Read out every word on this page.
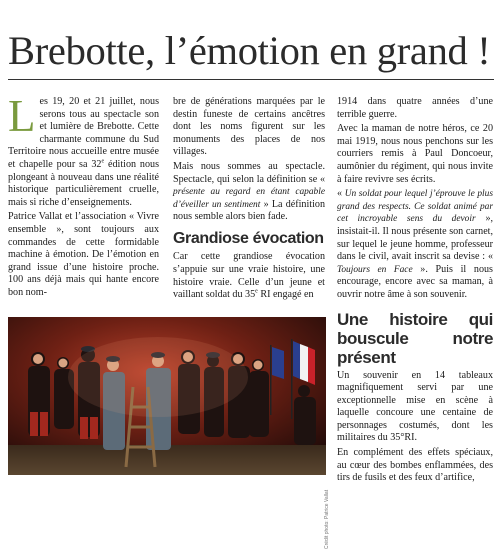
Brebotte, l’émotion en grand !

Les 19, 20 et 21 juillet, nous serons tous au spectacle son et lumière de Brebotte. Cette charmante commune du Sud Territoire nous accueille entre musée et chapelle pour sa 32e édition nous plongeant à nouveau dans une réalité historique particulièrement cruelle, mais si riche d’enseignements.

Patrice Vallat et l’association « Vivre ensemble », sont toujours aux commandes de cette formidable machine à émotion. De l’émotion en grand issue d’une histoire proche. 100 ans déjà mais qui hante encore bon nom-

bre de générations marquées par le destin funeste de certains ancêtres dont les noms figurent sur les monuments des places de nos villages.

Mais nous sommes au spectacle. Spectacle, qui selon la définition se « présente au regard en étant capable d’éveiller un sentiment » La définition nous semble alors bien fade.

Grandiose évocation

Car cette grandiose évocation s’appuie sur une vraie histoire, une histoire vraie. Celle d’un jeune et vaillant soldat du 35e RI engagé en

1914 dans quatre années d’une terrible guerre.

Avec la maman de notre héros, ce 20 mai 1919, nous nous penchons sur les courriers remis à Paul Doncoeur, aumônier du régiment, qui nous invite à faire revivre ses écrits.

« Un soldat pour lequel j’éprouve le plus grand des respects. Ce soldat animé par cet incroyable sens du devoir », insistait-il. Il nous présente son carnet, sur lequel le jeune homme, professeur dans le civil, avait inscrit sa devise : « Toujours en Face ». Puis il nous encourage, encore avec sa maman, à ouvrir notre âme à son souvenir.

Une histoire qui bouscule notre présent

Un souvenir en 14 tableaux magnifiquement servi par une exceptionnelle mise en scène à laquelle concoure une centaine de personnages costumés, dont les militaires du 35°RI.

En complément des effets spéciaux, au cœur des bombes enflammées, des tirs de fusils et des feux d’artifice,

Crédit photo: Patrice Vallat
